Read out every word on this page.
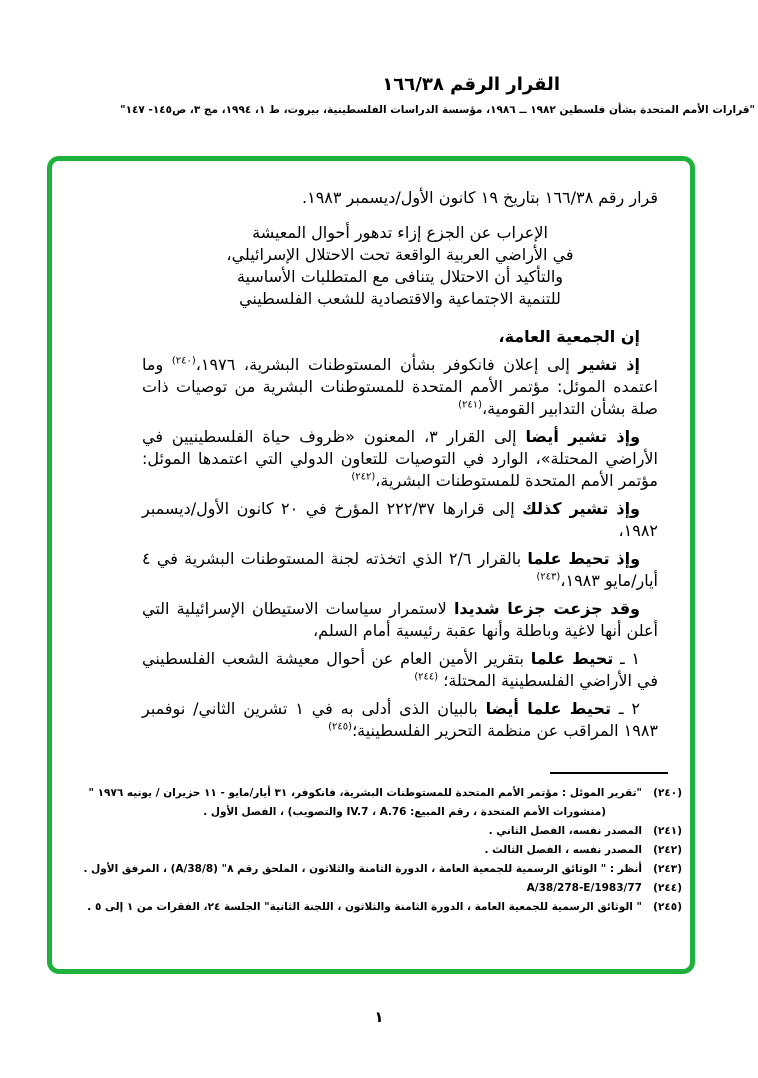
القرار الرقم ١٦٦/٣٨
"قرارات الأمم المتحدة بشأن فلسطين ١٩٨٢ ــ ١٩٨٦، مؤسسة الدراسات الفلسطينية، بيروت، ط ١، ١٩٩٤، مج ٣، ص١٤٥- ١٤٧"
قرار رقم ١٦٦/٣٨ بتاريخ ١٩ كانون الأول/ديسمبر ١٩٨٣.
الإعراب عن الجزع إزاء تدهور أحوال المعيشة
في الأراضي العربية الواقعة تحت الاحتلال الإسرائيلي،
والتأكيد أن الاحتلال يتنافى مع المتطلبات الأساسية
للتنمية الاجتماعية والاقتصادية للشعب الفلسطيني
إن الجمعية العامة،

إذ تشير إلى إعلان فانكوفر بشأن المستوطنات البشرية، ١٩٧٦،$^{(٢٤٠)}$ وما اعتمده الموئل: مؤتمر الأمم المتحدة للمستوطنات البشرية من توصيات ذات صلة بشأن التدابير القومية،$^{(٢٤١)}$

وإذ تشير أيضا إلى القرار ٣، المعنون «ظروف حياة الفلسطينيين في الأراضي المحتلة»، الوارد في التوصيات للتعاون الدولي التي اعتمدها الموئل: مؤتمر الأمم المتحدة للمستوطنات البشرية،$^{(٢٤٢)}$

وإذ تشير كذلك إلى قرارها ٢٢٢/٣٧ المؤرخ في ٢٠ كانون الأول/ديسمبر ١٩٨٢،

وإذ تحيط علما بالقرار ٢/٦ الذي اتخذته لجنة المستوطنات البشرية في ٤ أيار/مايو ١٩٨٣،$^{(٢٤٣)}$

وقد جزعت جزعا شديدا لاستمرار سياسات الاستيطان الإسرائيلية التي أعلن أنها لاغية وباطلة وأنها عقبة رئيسية أمام السلم،

١ ـ تحيط علما بتقرير الأمين العام عن أحوال معيشة الشعب الفلسطيني في الأراضي الفلسطينية المحتلة؛ $^{(٢٤٤)}$

٢ ـ تحيط علما أيضا بالبيان الذى أدلى به في ١ تشرين الثاني/ نوفمبر ١٩٨٣ المراقب عن منظمة التحرير الفلسطينية؛$^{(٢٤٥)}$

(٢٤٠)
"تقرير الموئل : مؤتمر الأمم المتحدة للمستوطنات البشرية، فانكوفر، ٣١ أيار/مايو - ١١ حزيران / يونيه ١٩٧٦ "
(منشورات الأمم المتحدة ، رقم المبيع: 76.IV.7 ، A والتصويب) ، الفصل الأول .
(٢٤١)
المصدر نفسه، الفصل الثاني .
(٢٤٢)
المصدر نفسه ، الفصل الثالث .
(٢٤٣)
أنظر : " الوثائق الرسمية للجمعية العامة ، الدورة الثامنة والثلاثون ، الملحق رقم ٨" (A/38/8) ، المرفق الأول .
(٢٤٤)
A/38/278-E/1983/77
(٢٤٥)
" الوثائق الرسمية للجمعية العامة ، الدورة الثامنة والثلاثون ، اللجنة الثانية" الجلسة ٢٤، الفقرات من ١ إلى ٥ .
١
